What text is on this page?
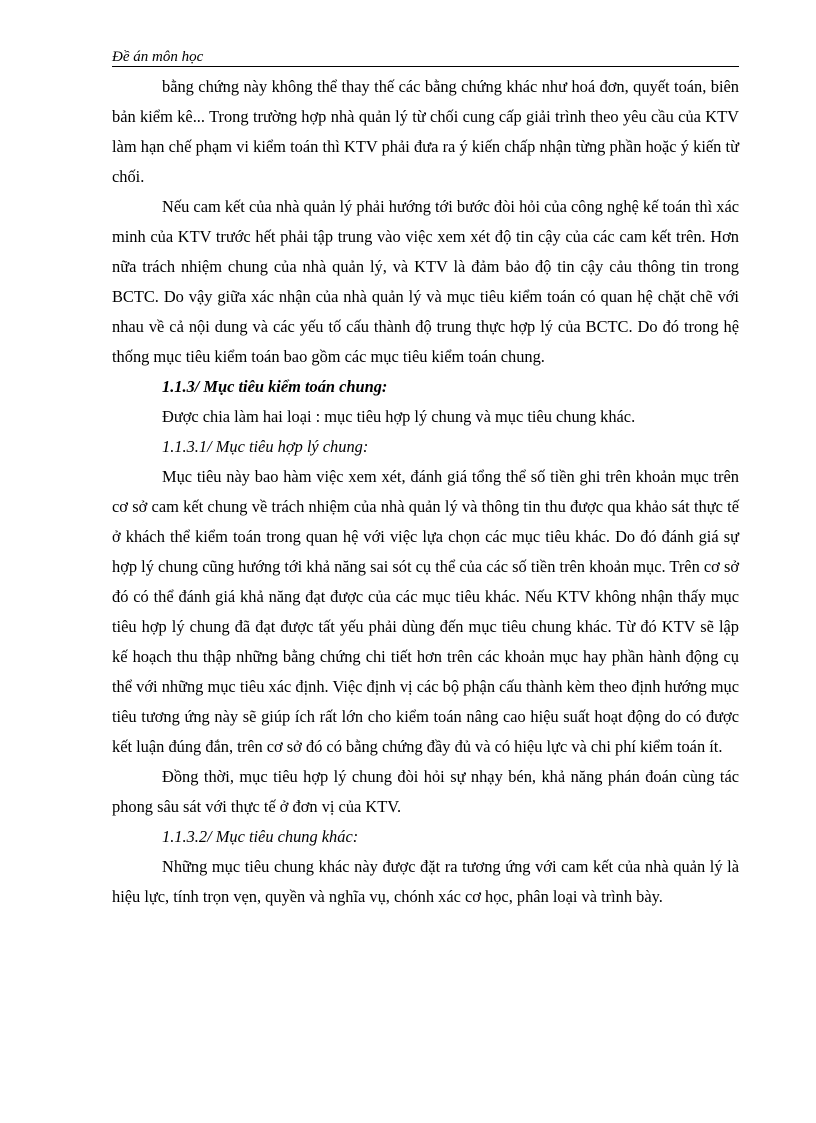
Đề án môn học

bằng chứng này không thể thay thế các bằng chứng khác như hoá đơn, quyết toán, biên bản kiểm kê... Trong trường hợp nhà quản lý từ chối cung cấp giải trình theo yêu cầu của KTV làm hạn chế phạm vi kiểm toán thì KTV phải đưa ra ý kiến chấp nhận từng phần hoặc ý kiến từ chối.

Nếu cam kết của nhà quản lý phải hướng tới bước đòi hỏi của công nghệ kế toán thì xác minh của KTV trước hết phải tập trung vào việc xem xét độ tin cậy của các cam kết trên. Hơn nữa trách nhiệm chung của nhà quản lý, và KTV là đảm bảo độ tin cậy cảu thông tin trong BCTC. Do vậy giữa xác nhận của nhà quản lý và mục tiêu kiểm toán có quan hệ chặt chẽ với nhau về cả nội dung và các yếu tố cấu thành độ trung thực hợp lý của BCTC. Do đó trong hệ thống mục tiêu kiểm toán bao gồm các mục tiêu kiểm toán chung.

1.1.3/ Mục tiêu kiểm toán chung:

Được chia làm hai loại : mục tiêu hợp lý chung và mục tiêu chung khác.

1.1.3.1/ Mục tiêu hợp lý chung:

Mục tiêu này bao hàm việc xem xét, đánh giá tổng thể số tiền ghi trên khoản mục trên cơ sở cam kết chung về trách nhiệm của nhà quản lý và thông tin thu được qua khảo sát thực tế ở khách thể kiểm toán trong quan hệ với việc lựa chọn các mục tiêu khác. Do đó đánh giá sự hợp lý chung cũng hướng tới khả năng sai sót cụ thể của các số tiền trên khoản mục. Trên cơ sở đó có thể đánh giá khả năng đạt được của các mục tiêu khác. Nếu KTV không nhận thấy mục tiêu hợp lý chung đã đạt được tất yếu phải dùng đến mục tiêu chung khác. Từ đó KTV sẽ lập kế hoạch thu thập những bằng chứng chi tiết hơn trên các khoản mục hay phần hành động cụ thể với những mục tiêu xác định. Việc định vị các bộ phận cấu thành kèm theo định hướng mục tiêu tương ứng này sẽ giúp ích rất lớn cho kiểm toán nâng cao hiệu suất hoạt động do có được kết luận đúng đắn, trên cơ sở đó có bằng chứng đầy đủ và có hiệu lực và chi phí kiểm toán ít.

Đồng thời, mục tiêu hợp lý chung đòi hỏi sự nhạy bén, khả năng phán đoán cùng tác phong sâu sát với thực tế ở đơn vị của KTV.

1.1.3.2/ Mục tiêu chung khác:

Những mục tiêu chung khác này được đặt ra tương ứng với cam kết của nhà quản lý là hiệu lực, tính trọn vẹn, quyền và nghĩa vụ, chónh xác cơ học, phân loại và trình bày.
